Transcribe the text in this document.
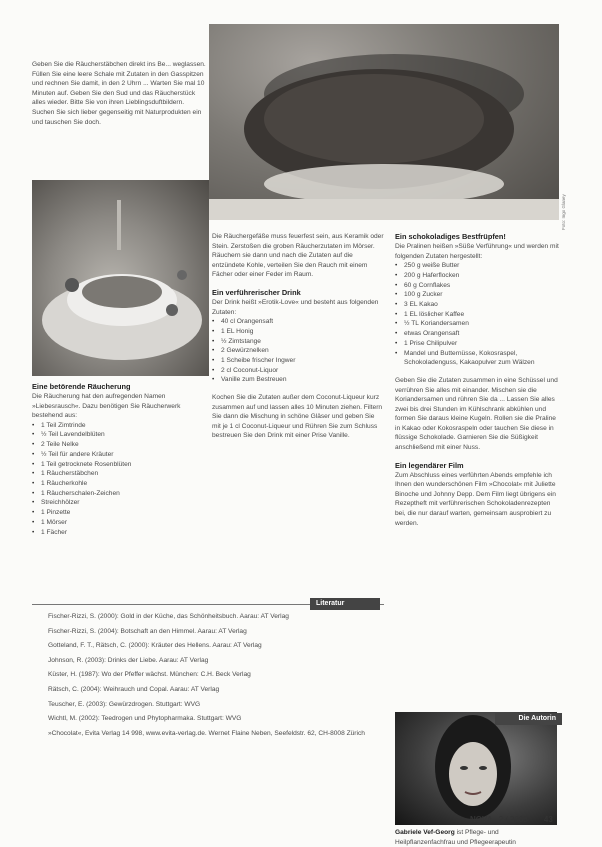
Geben Sie die Räucherstäbchen direkt ins Be... weglassen. Füllen Sie eine leere Schale mit Zutaten in den Gasspitzen und rechnen Sie damit, in den 2 Uhrn ... Warten Sie mal 10 Minuten auf. Geben Sie den Sud und das Räucherstück alles wieder. Bitte Sie von ihren Lieblingsduftbildern. Suchen Sie sich lieber gegenseitig mit Naturprodukten ein und tauschen Sie doch.
Foto: Ingo Glaney
Eine betörende Räucherung
Die Räucherung hat den aufregenden Namen »Liebesrausch«. Dazu benötigen Sie Räucherwerk bestehend aus:
• 1 Teil Zimtrinde
• ½ Teil Lavendelblüten
• 2 Teile Nelke
• ½ Teil für andere Kräuter
• 1 Teil getrocknete Rosenblüten
• 1 Räucherstäbchen
• 1 Räucherkohle
• 1 Räucherschalen-Zeichen
• Streichhölzer
• 1 Pinzette
• 1 Mörser
• 1 Fächer
Die Räuchergefäße muss feuerfest sein, aus Keramik oder Stein. Zerstoßen die groben Räucherzutaten im Mörser. Räuchern sie dann und nach die Zutaten auf die entzündete Kohle, verteilen Sie den Rauch mit einem Fächer oder einer Feder im Raum.
Ein verführerischer Drink
Der Drink heißt »Erotik-Love« und besteht aus folgenden Zutaten:
• 40 cl Orangensaft
• 1 EL Honig
• ½ Zimtstange
• 2 Gewürznelken
• 1 Scheibe frischer Ingwer
• 2 cl Coconut-Liquor
• Vanille zum Bestreuen
Kochen Sie die Zutaten außer dem Coconut-Liqueur kurz zusammen auf und lassen alles 10 Minuten ziehen. Filtern Sie dann die Mischung in schöne Gläser und geben Sie mit je 1 cl Coconut-Liqueur und Rühren Sie zum Schluss bestreuen Sie den Drink mit einer Prise Vanille.
Ein schokoladiges Bestfrüpfen!
Die Pralinen heißen »Süße Verführung« und werden mit folgenden Zutaten hergestellt:
• 250 g weiße Butter
• 200 g Haferflocken
• 60 g Cornflakes
• 100 g Zucker
• 3 EL Kakao
• 1 EL löslicher Kaffee
• ½ TL Koriandersamen
• etwas Orangensaft
• 1 Prise Chilipulver
• Mandel und Butternüsse, Kokosraspel, Schokoladenguss, Kakaopulver zum Wälzen
Geben Sie die Zutaten zusammen in eine Schüssel und verrühren Sie alles mit einander. Mischen sie die Koriandersamen und rühren Sie da ... Lassen Sie alles zwei bis drei Stunden im Kühlschrank abkühlen und formen Sie daraus kleine Kugeln. Rollen sie die Praline in Kakao oder Kokosraspeln oder tauchen Sie diese in flüssige Schokolade. Garnieren Sie die Süßigkeit anschließend mit einer Nuss.
Ein legendärer Film
Zum Abschluss eines verführten Abends empfehle ich Ihnen den wunderschönen Film »Chocolat« mit Juliette Binoche und Johnny Depp. Dem Film liegt übrigens ein Rezeptheft mit verführerischen Schokoladenrezepten bei, die nur darauf warten, gemeinsam ausprobiert zu werden.
Literatur
Fischer-Rizzi, S. (2000): Gold in der Küche, das Schönheitsbuch. Aarau: AT Verlag
Fischer-Rizzi, S. (2004): Botschaft an den Himmel. Aarau: AT Verlag
Gotteland, F. T., Rätsch, C. (2000): Kräuter des Hellens. Aarau: AT Verlag
Johnson, R. (2003): Drinks der Liebe. Aarau: AT Verlag
Küster, H. (1987): Wo der Pfeffer wächst. München: C.H. Beck Verlag
Rätsch, C. (2004): Weihrauch und Copal. Aarau: AT Verlag
Teuscher, E. (2003): Gewürzdrogen. Stuttgart: WVG
Wichtl, M. (2002): Teedrogen und Phytopharmaka. Stuttgart: WVG
»Chocolat«, Evita Verlag 14 998, www.evita-verlag.de. Wernet Flaine Neben, Seefeldstr. 62, CH-8008 Zürich
Die Autorin
Gabriele Vef-Georg ist Pflege- und Heilpflanzenfachfrau und Pflegeerapeutin
NOVA 2 / 2008 43
